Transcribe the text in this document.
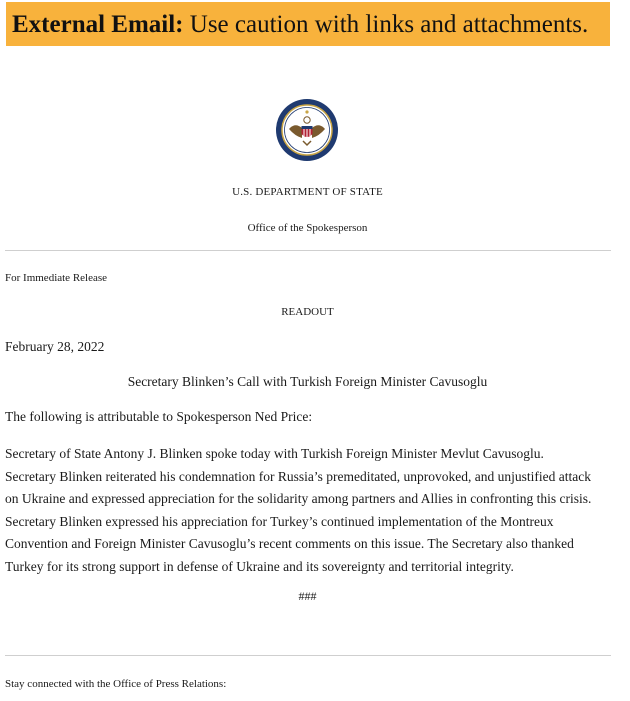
External Email: Use caution with links and attachments.
U.S. DEPARTMENT OF STATE
Office of the Spokesperson
For Immediate Release
READOUT
February 28, 2022
Secretary Blinken’s Call with Turkish Foreign Minister Cavusoglu
The following is attributable to Spokesperson Ned Price:
Secretary of State Antony J. Blinken spoke today with Turkish Foreign Minister Mevlut Cavusoglu.
Secretary Blinken reiterated his condemnation for Russia’s premeditated, unprovoked, and unjustified attack
on Ukraine and expressed appreciation for the solidarity among partners and Allies in confronting this crisis.
Secretary Blinken expressed his appreciation for Turkey’s continued implementation of the Montreux
Convention and Foreign Minister Cavusoglu’s recent comments on this issue. The Secretary also thanked
Turkey for its strong support in defense of Ukraine and its sovereignty and territorial integrity.
###
Stay connected with the Office of Press Relations:
